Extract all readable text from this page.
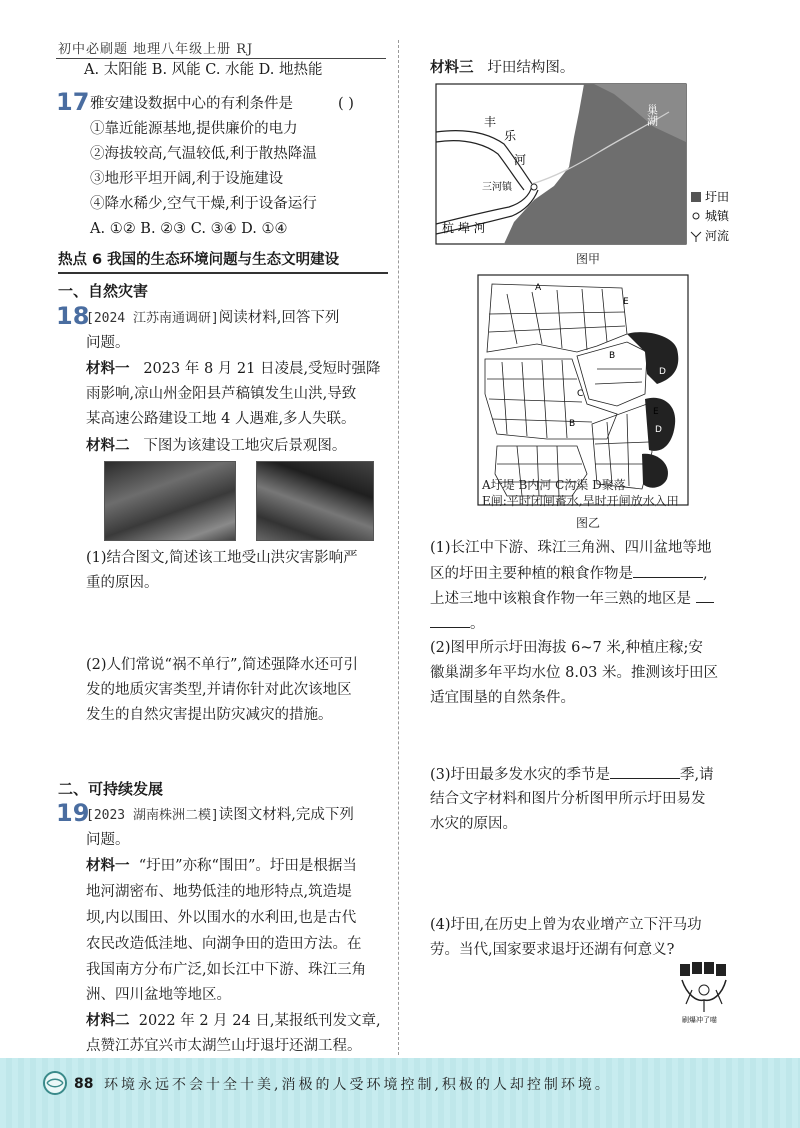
初中必刷题 地理八年级上册 RJ
A. 太阳能 B. 风能 C. 水能 D. 地热能
17 雅安建设数据中心的有利条件是	( )
①靠近能源基地,提供廉价的电力
②海拔较高,气温较低,利于散热降温
③地形平坦开阔,利于设施建设
④降水稀少,空气干燥,利于设备运行
A. ①② B. ②③ C. ③④ D. ①④
热点 6 我国的生态环境问题与生态文明建设
一、自然灾害
18
[2024 江苏南通调研]阅读材料,回答下列
问题。
材料一 2023 年 8 月 21 日凌晨,受短时强降
雨影响,凉山州金阳县芦稿镇发生山洪,导致
某高速公路建设工地 4 人遇难,多人失联。
材料二 下图为该建设工地灾后景观图。
(1)结合图文,简述该工地受山洪灾害影响严
重的原因。
(2)人们常说“祸不单行”,简述强降水还可引
发的地质灾害类型,并请你针对此次该地区
发生的自然灾害提出防灾减灾的措施。
二、可持续发展
19
[2023 湖南株洲二模]读图文材料,完成下列
问题。
材料一 “圩田”亦称“围田”。圩田是根据当
地河湖密布、地势低洼的地形特点,筑造堤
坝,内以围田、外以围水的水利田,也是古代
农民改造低洼地、向湖争田的造田方法。在
我国南方分布广泛,如长江中下游、珠江三角
洲、四川盆地等地区。
材料二 2022 年 2 月 24 日,某报纸刊发文章,
点赞江苏宜兴市太湖竺山圩退圩还湖工程。
材料三 圩田结构图。
巢湖
丰
乐
河
三河镇
杭 埠 河
圩田
城镇
河流
图甲
A
E
B
D
C
E
B
D
A圩堤 B内河 C沟渠 D聚落
E闸:平时闭闸蓄水,旱时开闸放水入田
图乙
(1)长江中下游、珠江三角洲、四川盆地等地
区的圩田主要种植的粮食作物是	,
上述三地中该粮食作物一年三熟的地区是
。
(2)图甲所示圩田海拔 6~7 米,种植庄稼;安
徽巢湖多年平均水位 8.03 米。推测该圩田区
适宜围垦的自然条件。
(3)圩田最多发水灾的季节是	季,请
结合文字材料和图片分析图甲所示圩田易发
水灾的原因。
(4)圩田,在历史上曾为农业增产立下汗马功
劳。当代,国家要求退圩还湖有何意义?
刷爆冲了喵
88 环境永远不会十全十美,消极的人受环境控制,积极的人却控制环境。
